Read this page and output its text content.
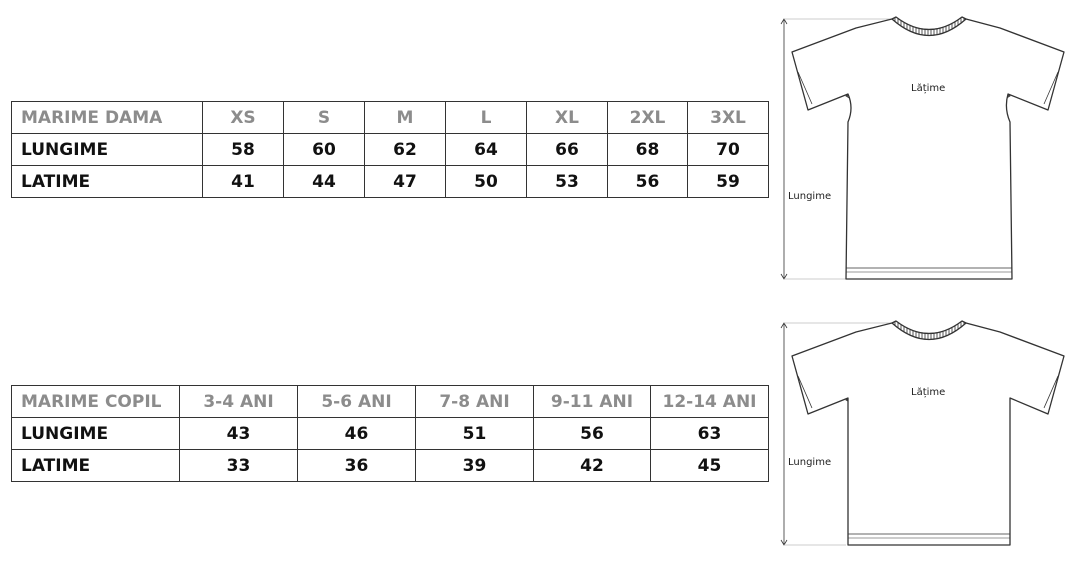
MARIME DAMA	XS	S	M	L	XL	2XL	3XL
LUNGIME	58	60	62	64	66	68	70
LATIME	41	44	47	50	53	56	59
MARIME COPIL	3-4 ANI	5-6 ANI	7-8 ANI	9-11 ANI	12-14 ANI
LUNGIME	43	46	51	56	63
LATIME	33	36	39	42	45
Lățime
Lungime
Lățime
Lungime
